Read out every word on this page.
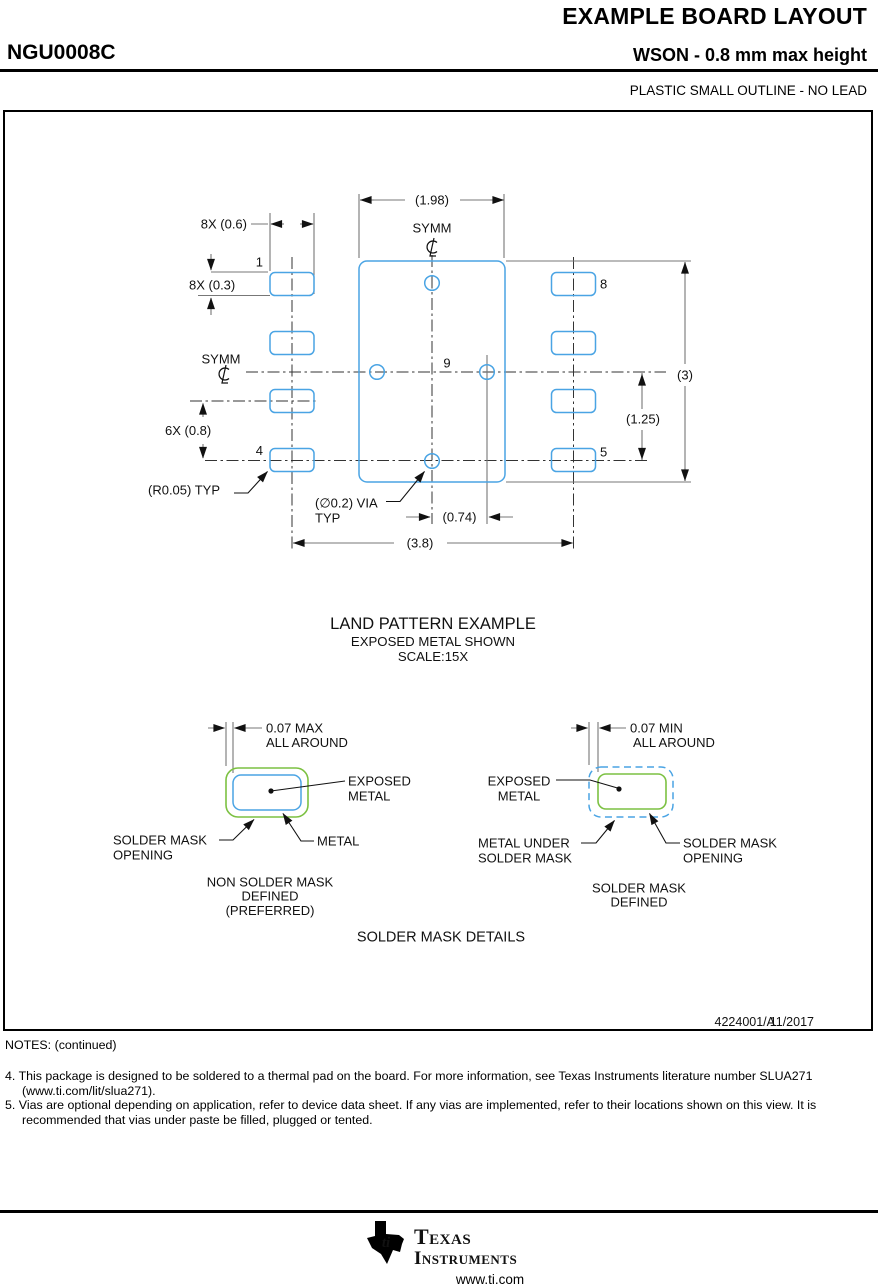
EXAMPLE BOARD LAYOUT
NGU0008C	WSON - 0.8 mm max height
PLASTIC SMALL OUTLINE - NO LEAD
(1.98)
SYMM
8X (0.6)
1
8X (0.3)
6X (0.8)
4
SYMM	9
8
5
(3)
(1.25)
(R0.05) TYP
(∅0.2) VIA
TYP	(0.74)
(3.8)
LAND PATTERN EXAMPLE
EXPOSED METAL SHOWN
SCALE:15X
0.07 MAX
ALL AROUND
EXPOSED
METAL
SOLDER MASK
OPENING
METAL
NON SOLDER MASK
DEFINED
(PREFERRED)
0.07 MIN
ALL AROUND
EXPOSED
METAL
METAL UNDER
SOLDER MASK
SOLDER MASK
OPENING
SOLDER MASK
DEFINED
SOLDER MASK DETAILS
4224001/A
11/2017
NOTES: (continued)
4. This package is designed to be soldered to a thermal pad on the board. For more information, see Texas Instruments literature number SLUA271 (www.ti.com/lit/slua271).
5. Vias are optional depending on application, refer to device data sheet. If any vias are implemented, refer to their locations shown on this view. It is recommended that vias under paste be filled, plugged or tented.
ti Texas
Instruments
www.ti.com
